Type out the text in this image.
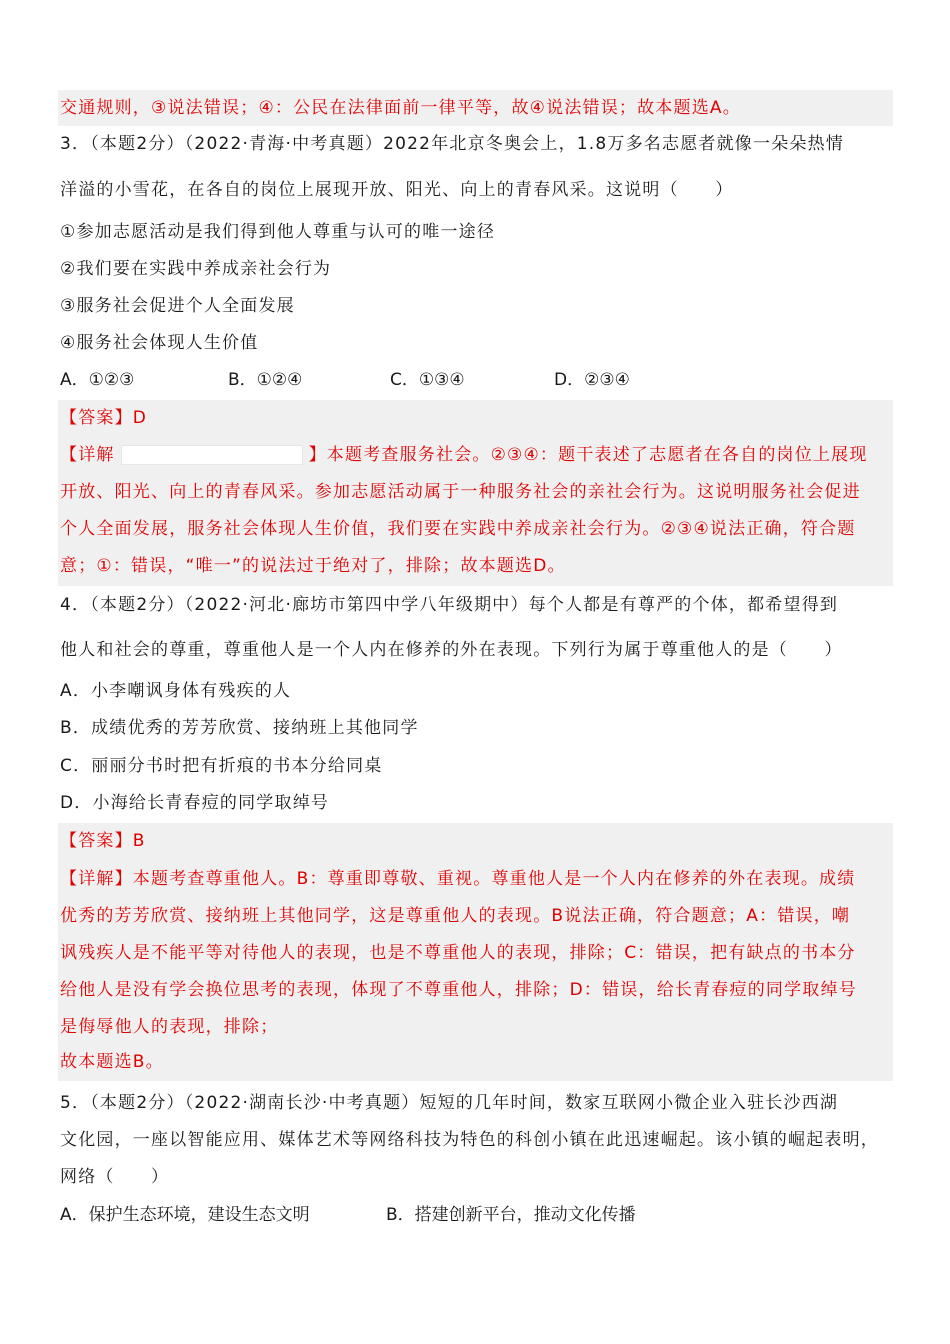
交通规则，③说法错误；④：公民在法律面前一律平等，故④说法错误；故本题选A。
3．（本题2分）（2022·青海·中考真题）2022年北京冬奥会上，1.8万多名志愿者就像一朵朵热情
洋溢的小雪花，在各自的岗位上展现开放、阳光、向上的青春风采。这说明（　　）
①参加志愿活动是我们得到他人尊重与认可的唯一途径
②我们要在实践中养成亲社会行为
③服务社会促进个人全面发展
④服务社会体现人生价值
A．①②③	B．①②④	C．①③④	D．②③④
【答案】D
【详解	】本题考查服务社会。②③④：题干表述了志愿者在各自的岗位上展现
开放、阳光、向上的青春风采。参加志愿活动属于一种服务社会的亲社会行为。这说明服务社会促进
个人全面发展，服务社会体现人生价值，我们要在实践中养成亲社会行为。②③④说法正确，符合题
意；①：错误，“唯一”的说法过于绝对了，排除；故本题选D。
4．（本题2分）（2022·河北·廊坊市第四中学八年级期中）每个人都是有尊严的个体，都希望得到
他人和社会的尊重，尊重他人是一个人内在修养的外在表现。下列行为属于尊重他人的是（　　）
A．小李嘲讽身体有残疾的人
B．成绩优秀的芳芳欣赏、接纳班上其他同学
C．丽丽分书时把有折痕的书本分给同桌
D．小海给长青春痘的同学取绰号
【答案】B
【详解】本题考查尊重他人。B：尊重即尊敬、重视。尊重他人是一个人内在修养的外在表现。成绩
优秀的芳芳欣赏、接纳班上其他同学，这是尊重他人的表现。B说法正确，符合题意；A：错误，嘲
讽残疾人是不能平等对待他人的表现，也是不尊重他人的表现，排除；C：错误，把有缺点的书本分
给他人是没有学会换位思考的表现，体现了不尊重他人，排除；D：错误，给长青春痘的同学取绰号
是侮辱他人的表现，排除；
故本题选B。
5．（本题2分）（2022·湖南长沙·中考真题）短短的几年时间，数家互联网小微企业入驻长沙西湖
文化园，一座以智能应用、媒体艺术等网络科技为特色的科创小镇在此迅速崛起。该小镇的崛起表明，
网络（　　）
A．保护生态环境，建设生态文明	B．搭建创新平台，推动文化传播
